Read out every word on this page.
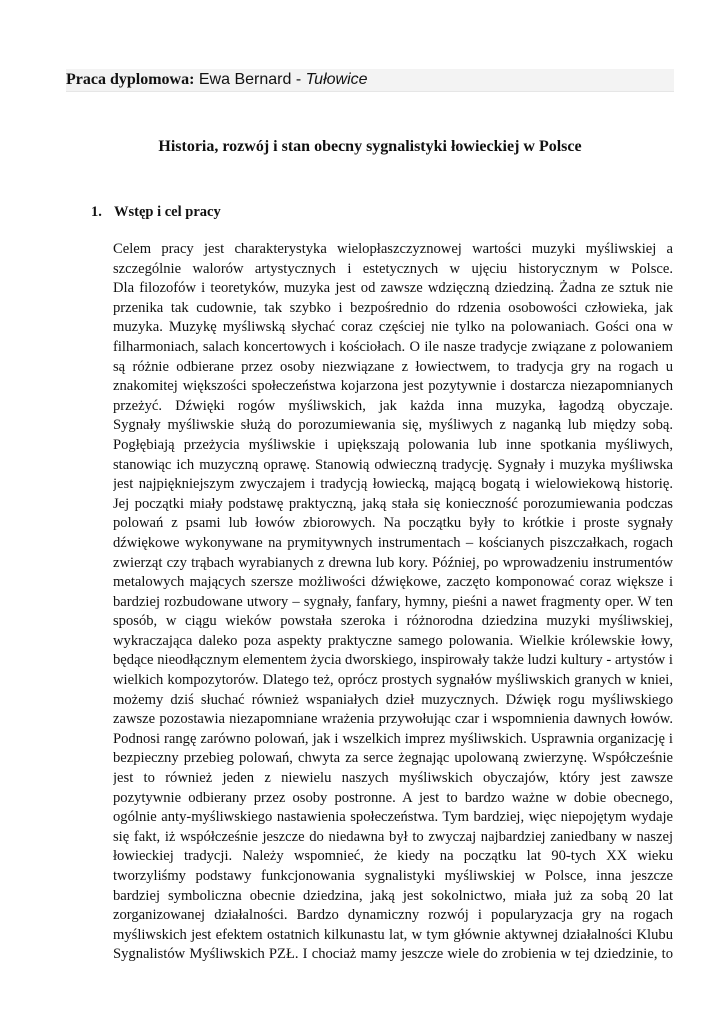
Praca dyplomowa: Ewa Bernard - Tułowice
Historia, rozwój i stan obecny sygnalistyki łowieckiej w Polsce
1. Wstęp i cel pracy
Celem pracy jest charakterystyka wielopłaszczyznowej wartości muzyki myśliwskiej a
szczególnie walorów artystycznych i estetycznych w ujęciu historycznym w Polsce.
Dla filozofów i teoretyków, muzyka jest od zawsze wdzięczną dziedziną. Żadna ze sztuk nie
przenika tak cudownie, tak szybko i bezpośrednio do rdzenia osobowości człowieka, jak
muzyka. Muzykę myśliwską słychać coraz częściej nie tylko na polowaniach. Gości ona w
filharmoniach, salach koncertowych i kościołach. O ile nasze tradycje związane z polowaniem
są różnie odbierane przez osoby niezwiązane z łowiectwem, to tradycja gry na rogach u
znakomitej większości społeczeństwa kojarzona jest pozytywnie i dostarcza niezapomnianych
przeżyć. Dźwięki rogów myśliwskich, jak każda inna muzyka, łagodzą obyczaje.
Sygnały myśliwskie służą do porozumiewania się, myśliwych z naganką lub między sobą.
Pogłębiają przeżycia myśliwskie i upiększają polowania lub inne spotkania myśliwych,
stanowiąc ich muzyczną oprawę. Stanowią odwieczną tradycję. Sygnały i muzyka myśliwska
jest najpiękniejszym zwyczajem i tradycją łowiecką, mającą bogatą i wielowiekową historię.
Jej początki miały podstawę praktyczną, jaką stała się konieczność porozumiewania podczas
polowań z psami lub łowów zbiorowych. Na początku były to krótkie i proste sygnały
dźwiękowe wykonywane na prymitywnych instrumentach – kościanych piszczałkach, rogach
zwierząt czy trąbach wyrabianych z drewna lub kory. Później, po wprowadzeniu instrumentów
metalowych mających szersze możliwości dźwiękowe, zaczęto komponować coraz większe i
bardziej rozbudowane utwory – sygnały, fanfary, hymny, pieśni a nawet fragmenty oper. W ten
sposób, w ciągu wieków powstała szeroka i różnorodna dziedzina muzyki myśliwskiej,
wykraczająca daleko poza aspekty praktyczne samego polowania. Wielkie królewskie łowy,
będące nieodłącznym elementem życia dworskiego, inspirowały także ludzi kultury - artystów i
wielkich kompozytorów. Dlatego też, oprócz prostych sygnałów myśliwskich granych w kniei,
możemy dziś słuchać również wspaniałych dzieł muzycznych. Dźwięk rogu myśliwskiego
zawsze pozostawia niezapomniane wrażenia przywołując czar i wspomnienia dawnych łowów.
Podnosi rangę zarówno polowań, jak i wszelkich imprez myśliwskich. Usprawnia organizację i
bezpieczny przebieg polowań, chwyta za serce żegnając upolowaną zwierzynę. Współcześnie
jest to również jeden z niewielu naszych myśliwskich obyczajów, który jest zawsze
pozytywnie odbierany przez osoby postronne. A jest to bardzo ważne w dobie obecnego,
ogólnie anty-myśliwskiego nastawienia społeczeństwa. Tym bardziej, więc niepojętym wydaje
się fakt, iż współcześnie jeszcze do niedawna był to zwyczaj najbardziej zaniedbany w naszej
łowieckiej tradycji. Należy wspomnieć, że kiedy na początku lat 90-tych XX wieku
tworzyliśmy podstawy funkcjonowania sygnalistyki myśliwskiej w Polsce, inna jeszcze
bardziej symboliczna obecnie dziedzina, jaką jest sokolnictwo, miała już za sobą 20 lat
zorganizowanej działalności. Bardzo dynamiczny rozwój i popularyzacja gry na rogach
myśliwskich jest efektem ostatnich kilkunastu lat, w tym głównie aktywnej działalności Klubu
Sygnalistów Myśliwskich PZŁ. I chociaż mamy jeszcze wiele do zrobienia w tej dziedzinie, to
